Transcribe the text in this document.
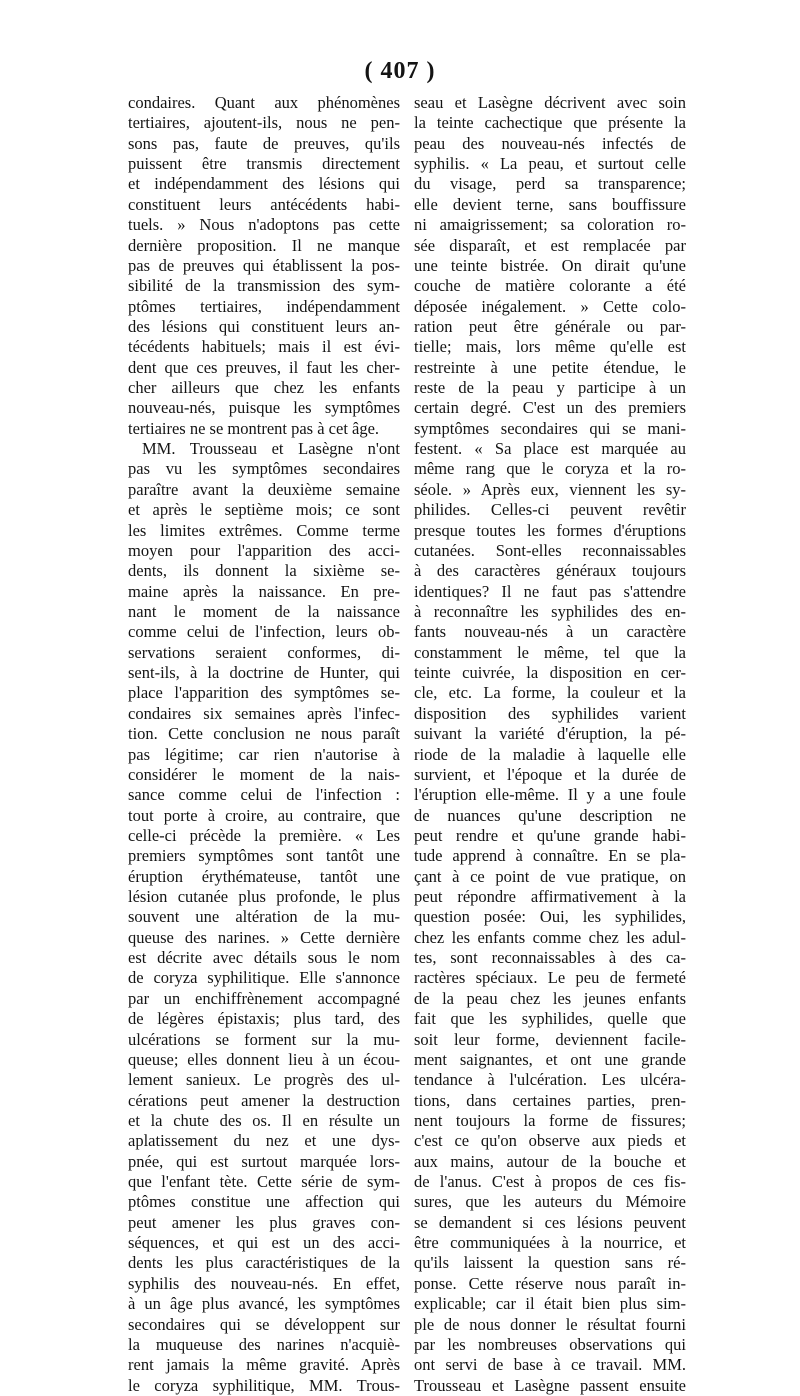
( 407 )
condaires. Quant aux phénomènes
tertiaires, ajoutent-ils, nous ne pen-
sons pas, faute de preuves, qu'ils
puissent être transmis directement
et indépendamment des lésions qui
constituent leurs antécédents habi-
tuels. » Nous n'adoptons pas cette
dernière proposition. Il ne manque
pas de preuves qui établissent la pos-
sibilité de la transmission des sym-
ptômes tertiaires, indépendamment
des lésions qui constituent leurs an-
técédents habituels; mais il est évi-
dent que ces preuves, il faut les cher-
cher ailleurs que chez les enfants
nouveau-nés, puisque les symptômes
tertiaires ne se montrent pas à cet âge.
MM. Trousseau et Lasègne n'ont
pas vu les symptômes secondaires
paraître avant la deuxième semaine
et après le septième mois; ce sont
les limites extrêmes. Comme terme
moyen pour l'apparition des acci-
dents, ils donnent la sixième se-
maine après la naissance. En pre-
nant le moment de la naissance
comme celui de l'infection, leurs ob-
servations seraient conformes, di-
sent-ils, à la doctrine de Hunter, qui
place l'apparition des symptômes se-
condaires six semaines après l'infec-
tion. Cette conclusion ne nous paraît
pas légitime; car rien n'autorise à
considérer le moment de la nais-
sance comme celui de l'infection :
tout porte à croire, au contraire, que
celle-ci précède la première. « Les
premiers symptômes sont tantôt une
éruption érythémateuse, tantôt une
lésion cutanée plus profonde, le plus
souvent une altération de la mu-
queuse des narines. » Cette dernière
est décrite avec détails sous le nom
de coryza syphilitique. Elle s'annonce
par un enchiffrènement accompagné
de légères épistaxis; plus tard, des
ulcérations se forment sur la mu-
queuse; elles donnent lieu à un écou-
lement sanieux. Le progrès des ul-
cérations peut amener la destruction
et la chute des os. Il en résulte un
aplatissement du nez et une dys-
pnée, qui est surtout marquée lors-
que l'enfant tète. Cette série de sym-
ptômes constitue une affection qui
peut amener les plus graves con-
séquences, et qui est un des acci-
dents les plus caractéristiques de la
syphilis des nouveau-nés. En effet,
à un âge plus avancé, les symptômes
secondaires qui se développent sur
la muqueuse des narines n'acquiè-
rent jamais la même gravité. Après
le coryza syphilitique, MM. Trous-
seau et Lasègne décrivent avec soin
la teinte cachectique que présente la
peau des nouveau-nés infectés de
syphilis. « La peau, et surtout celle
du visage, perd sa transparence;
elle devient terne, sans bouffissure
ni amaigrissement; sa coloration ro-
sée disparaît, et est remplacée par
une teinte bistrée. On dirait qu'une
couche de matière colorante a été
déposée inégalement. » Cette colo-
ration peut être générale ou par-
tielle; mais, lors même qu'elle est
restreinte à une petite étendue, le
reste de la peau y participe à un
certain degré. C'est un des premiers
symptômes secondaires qui se mani-
festent. « Sa place est marquée au
même rang que le coryza et la ro-
séole. » Après eux, viennent les sy-
philides. Celles-ci peuvent revêtir
presque toutes les formes d'éruptions
cutanées. Sont-elles reconnaissables
à des caractères généraux toujours
identiques? Il ne faut pas s'attendre
à reconnaître les syphilides des en-
fants nouveau-nés à un caractère
constamment le même, tel que la
teinte cuivrée, la disposition en cer-
cle, etc. La forme, la couleur et la
disposition des syphilides varient
suivant la variété d'éruption, la pé-
riode de la maladie à laquelle elle
survient, et l'époque et la durée de
l'éruption elle-même. Il y a une foule
de nuances qu'une description ne
peut rendre et qu'une grande habi-
tude apprend à connaître. En se pla-
çant à ce point de vue pratique, on
peut répondre affirmativement à la
question posée: Oui, les syphilides,
chez les enfants comme chez les adul-
tes, sont reconnaissables à des ca-
ractères spéciaux. Le peu de fermeté
de la peau chez les jeunes enfants
fait que les syphilides, quelle que
soit leur forme, deviennent facile-
ment saignantes, et ont une grande
tendance à l'ulcération. Les ulcéra-
tions, dans certaines parties, pren-
nent toujours la forme de fissures;
c'est ce qu'on observe aux pieds et
aux mains, autour de la bouche et
de l'anus. C'est à propos de ces fis-
sures, que les auteurs du Mémoire
se demandent si ces lésions peuvent
être communiquées à la nourrice, et
qu'ils laissent la question sans ré-
ponse. Cette réserve nous paraît in-
explicable; car il était bien plus sim-
ple de nous donner le résultat fourni
par les nombreuses observations qui
ont servi de base à ce travail. MM.
Trousseau et Lasègne passent ensuite
